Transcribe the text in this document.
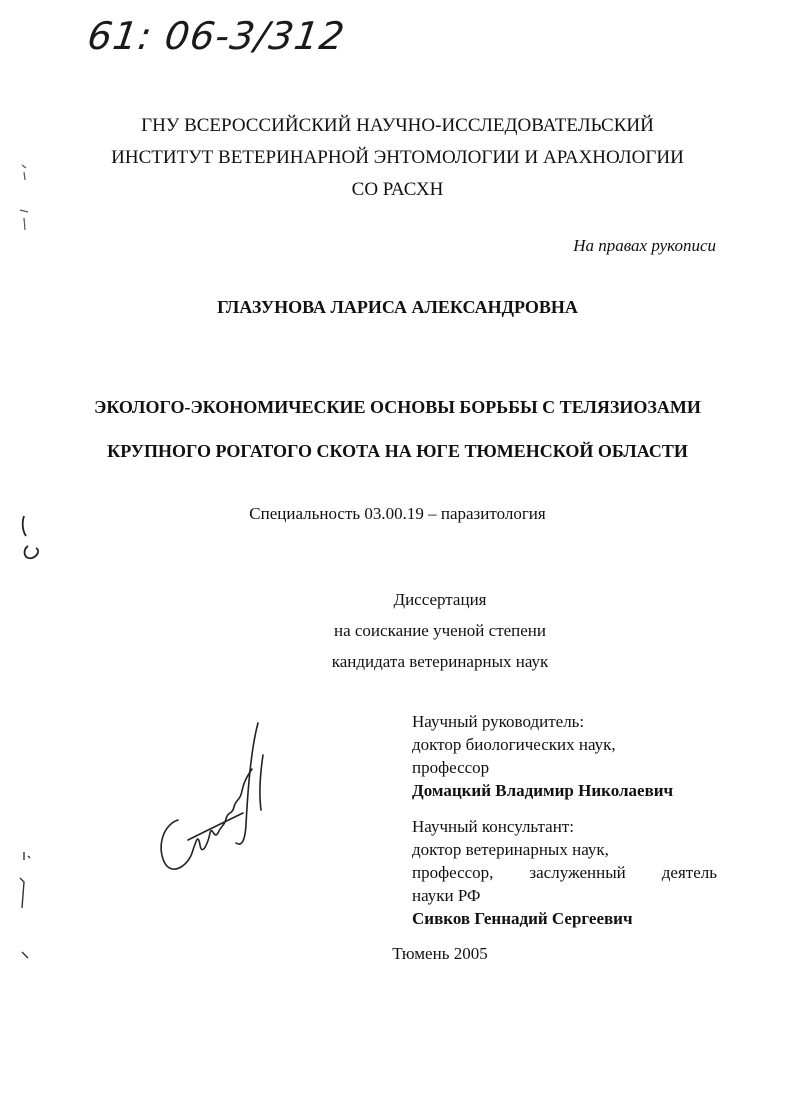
61: 06-3/312
ГНУ ВСЕРОССИЙСКИЙ НАУЧНО-ИССЛЕДОВАТЕЛЬСКИЙ
ИНСТИТУТ ВЕТЕРИНАРНОЙ ЭНТОМОЛОГИИ И АРАХНОЛОГИИ
СО РАСХН
На правах рукописи
ГЛАЗУНОВА ЛАРИСА АЛЕКСАНДРОВНА
ЭКОЛОГО-ЭКОНОМИЧЕСКИЕ ОСНОВЫ БОРЬБЫ С ТЕЛЯЗИОЗАМИ
КРУПНОГО РОГАТОГО СКОТА НА ЮГЕ ТЮМЕНСКОЙ ОБЛАСТИ
Специальность 03.00.19 – паразитология
Диссертация
на соискание ученой степени
кандидата ветеринарных наук
Научный руководитель:
доктор биологических наук,
профессор
Домацкий Владимир Николаевич
Научный консультант:
доктор ветеринарных наук,
профессор, заслуженный деятель
науки РФ
Сивков Геннадий Сергеевич
Тюмень 2005
